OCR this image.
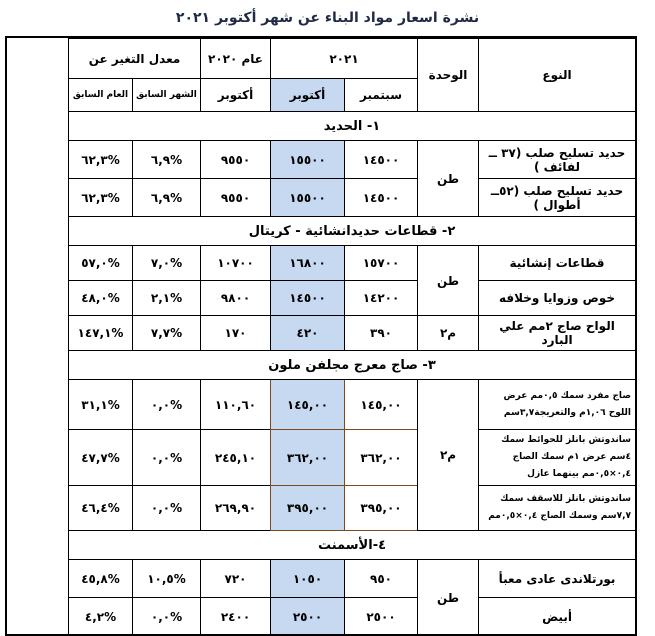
نشرة اسعار مواد البناء عن شهر أكتوبر ٢٠٢١
النوع	الوحدة	٢٠٢١		عام ٢٠٢٠	معدل التغير عن		
		سبتمبر	أكتوبر	أكتوبر	الشهر السابق	العام السابق	
١- الحديد							
حديد تسليح صلب (٣٧ ــ لفائف )	طن	١٤٥٠٠	١٥٥٠٠	٩٥٥٠	%٦,٩	%٦٢,٣	
حديد تسليح صلب (٥٢ــ أطوال )		١٤٥٠٠	١٥٥٠٠	٩٥٥٠	%٦,٩	%٦٢,٣	
٢- قطاعات حديدانشائية - كريتال							
قطاعات إنشائية	طن	١٥٧٠٠	١٦٨٠٠	١٠٧٠٠	%٧,٠	%٥٧,٠	
خوص وزوايا وخلافه		١٤٢٠٠	١٤٥٠٠	٩٨٠٠	%٢,١	%٤٨,٠	
الواح صاج ٢مم علي البارد	م٢	٣٩٠	٤٢٠	١٧٠	%٧,٧	%١٤٧,١	
٣- صاج معرج مجلفن ملون							
صاج مفرد سمك ٠,٥مم عرض اللوح ١,٠٦م والتعريجة٣,٧سم	م٢	١٤٥,٠٠	١٤٥,٠٠	١١٠,٦٠	%٠,٠	%٣١,١	
ساندوتش بانلز للحوائط سمك ٤سم عرض ١م سمك الصاج ٠,٤×٠,٥مم بينهما عازل		٣٦٢,٠٠	٣٦٢,٠٠	٢٤٥,١٠	%٠,٠	%٤٧,٧	
ساندوتش بانلز للاسقف سمك ٧,٧سم وسمك الصاج ٠,٤×٠,٥مم		٣٩٥,٠٠	٣٩٥,٠٠	٢٦٩,٩٠	%٠,٠	%٤٦,٤	
٤-الأسمنت							
بورتلاندى عادى معبأ	طن	٩٥٠	١٠٥٠	٧٢٠	%١٠,٥	%٤٥,٨	
أبيض		٢٥٠٠	٢٥٠٠	٢٤٠٠	%٠,٠	%٤,٢	
